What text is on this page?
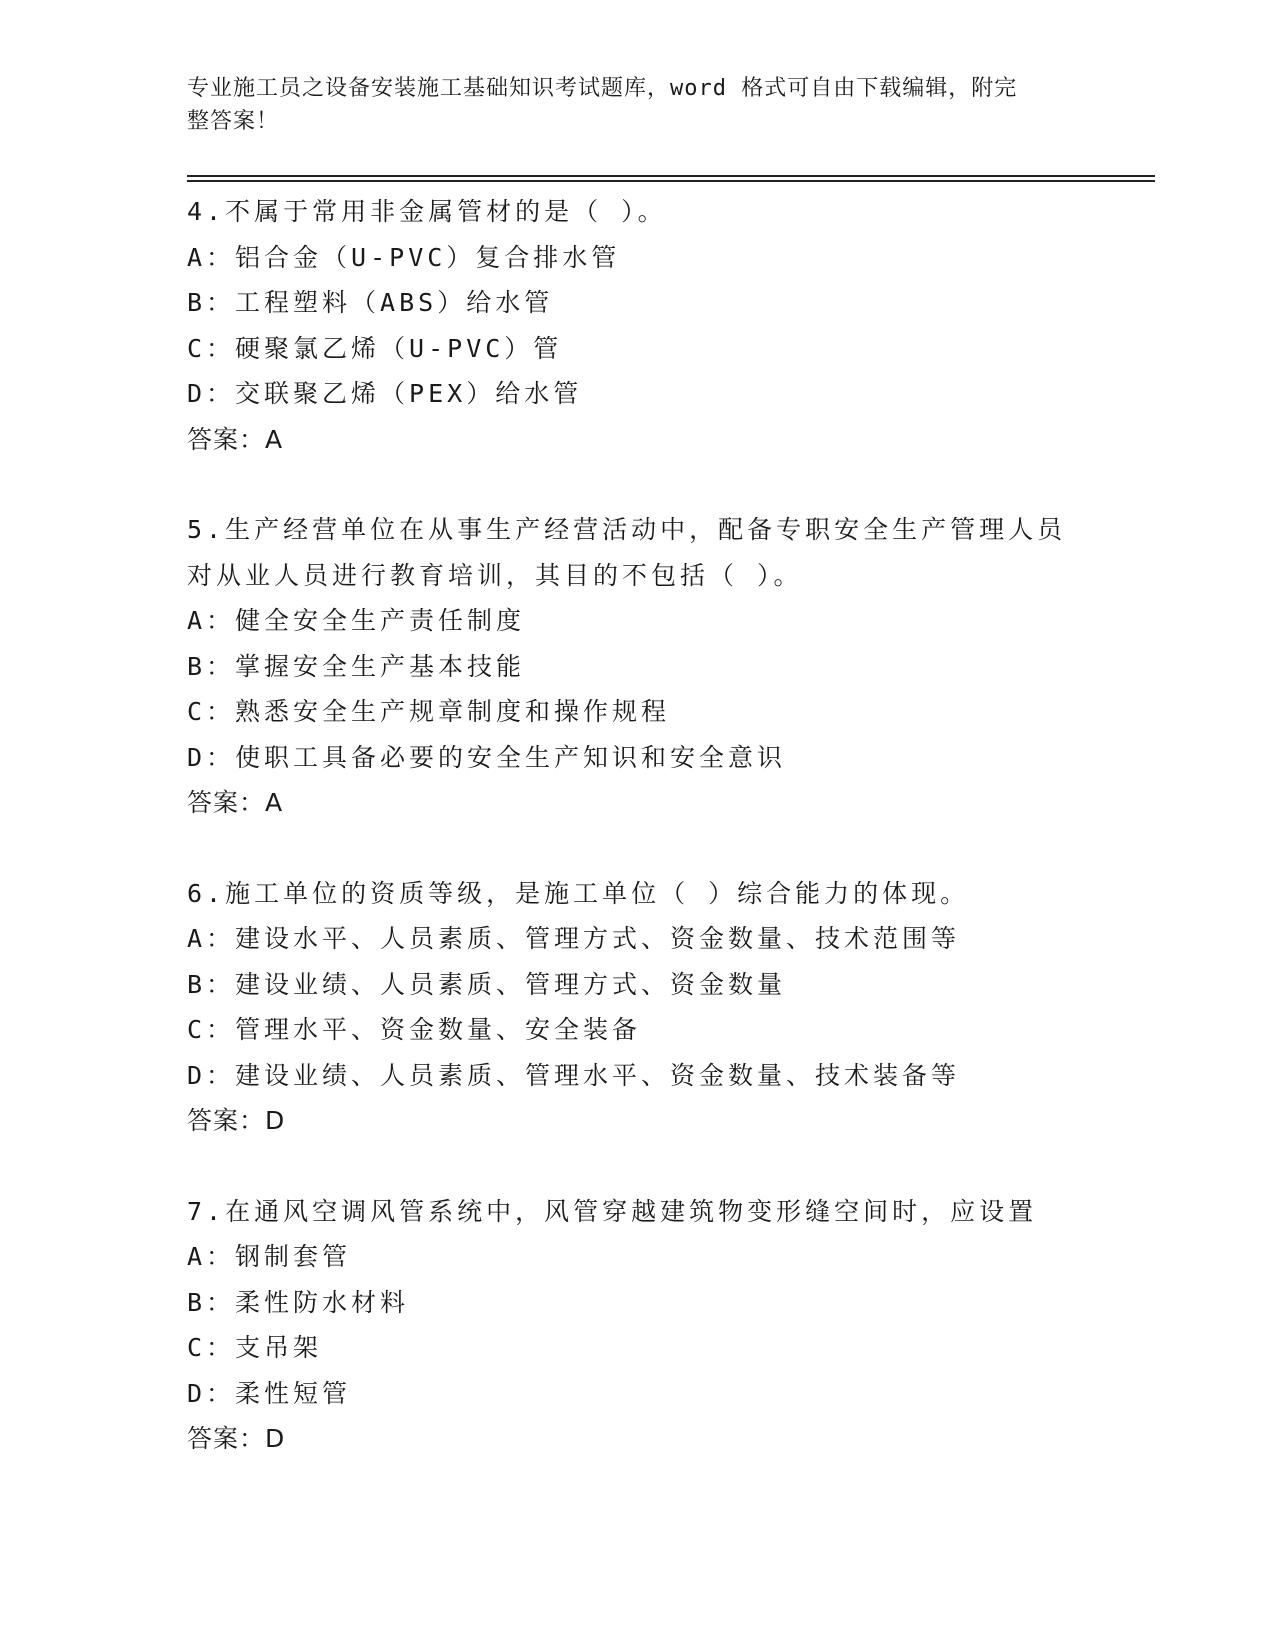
专业施工员之设备安装施工基础知识考试题库，word 格式可自由下载编辑，附完
整答案！
4.不属于常用非金属管材的是（ ）。
A：铝合金（U-PVC）复合排水管
B：工程塑料（ABS）给水管
C：硬聚氯乙烯（U-PVC）管
D：交联聚乙烯（PEX）给水管
答案：A
5.生产经营单位在从事生产经营活动中，配备专职安全生产管理人员
对从业人员进行教育培训，其目的不包括（ ）。
A：健全安全生产责任制度
B：掌握安全生产基本技能
C：熟悉安全生产规章制度和操作规程
D：使职工具备必要的安全生产知识和安全意识
答案：A
6.施工单位的资质等级，是施工单位（ ）综合能力的体现。
A：建设水平、人员素质、管理方式、资金数量、技术范围等
B：建设业绩、人员素质、管理方式、资金数量
C：管理水平、资金数量、安全装备
D：建设业绩、人员素质、管理水平、资金数量、技术装备等
答案：D
7.在通风空调风管系统中，风管穿越建筑物变形缝空间时，应设置
A：钢制套管
B：柔性防水材料
C：支吊架
D：柔性短管
答案：D
